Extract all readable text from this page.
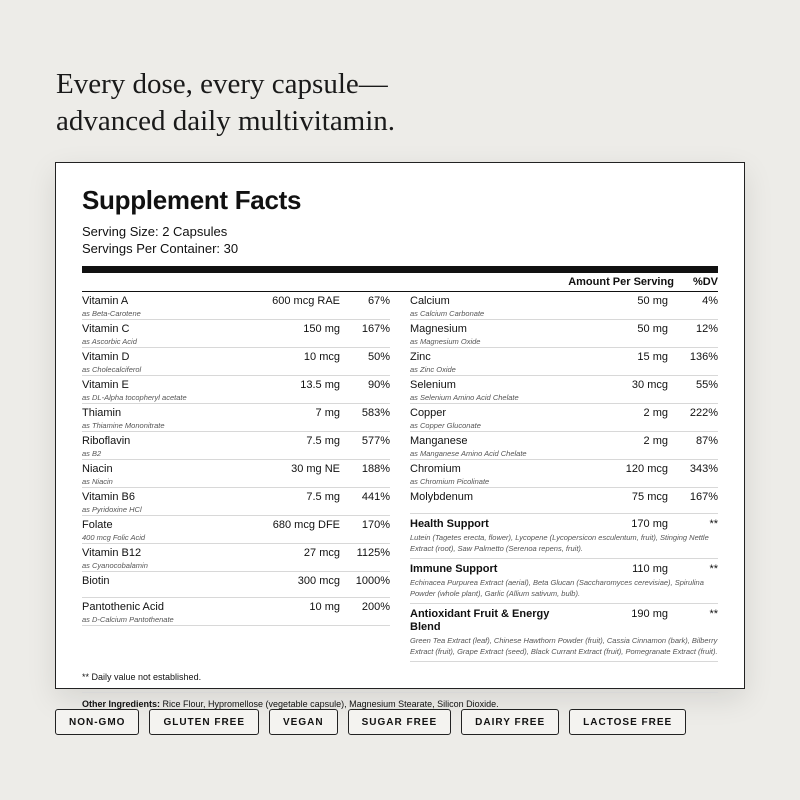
Every dose, every capsule—
advanced daily multivitamin.
Supplement Facts
Serving Size: 2 Capsules
Servings Per Container: 30
Amount Per Serving %DV
Vitamin A	600 mcg RAE	67%
as Beta-Carotene
Vitamin C	150 mg	167%
as Ascorbic Acid
Vitamin D	10 mcg	50%
as Cholecalciferol
Vitamin E	13.5 mg	90%
as DL-Alpha tocopheryl acetate
Thiamin	7 mg	583%
as Thiamine Mononitrate
Riboflavin	7.5 mg	577%
as B2
Niacin	30 mg NE	188%
as Niacin
Vitamin B6	7.5 mg	441%
as Pyridoxine HCl
Folate	680 mcg DFE	170%
400 mcg Folic Acid
Vitamin B12	27 mcg	1125%
as Cyanocobalamin
Biotin	300 mcg	1000%
Pantothenic Acid	10 mg	200%
as D-Calcium Pantothenate
Calcium	50 mg	4%
as Calcium Carbonate
Magnesium	50 mg	12%
as Magnesium Oxide
Zinc	15 mg	136%
as Zinc Oxide
Selenium	30 mcg	55%
as Selenium Amino Acid Chelate
Copper	2 mg	222%
as Copper Gluconate
Manganese	2 mg	87%
as Manganese Amino Acid Chelate
Chromium	120 mcg	343%
as Chromium Picolinate
Molybdenum	75 mcg	167%
Health Support	170 mg	**
Lutein (Tagetes erecta, flower), Lycopene (Lycopersicon esculentum, fruit), Stinging Nettle Extract (root), Saw Palmetto (Serenoa repens, fruit).
Immune Support	110 mg	**
Echinacea Purpurea Extract (aerial), Beta Glucan (Saccharomyces cerevisiae), Spirulina Powder (whole plant), Garlic (Allium sativum, bulb).
Antioxidant Fruit & Energy Blend
190 mg	**
Green Tea Extract (leaf), Chinese Hawthorn Powder (fruit), Cassia Cinnamon (bark), Bilberry Extract (fruit), Grape Extract (seed), Black Currant Extract (fruit), Pomegranate Extract (fruit).
** Daily value not established.
Other Ingredients: Rice Flour, Hypromellose (vegetable capsule), Magnesium Stearate, Silicon Dioxide.
NON-GMO	GLUTEN FREE	VEGAN	SUGAR FREE	DAIRY FREE	LACTOSE FREE
